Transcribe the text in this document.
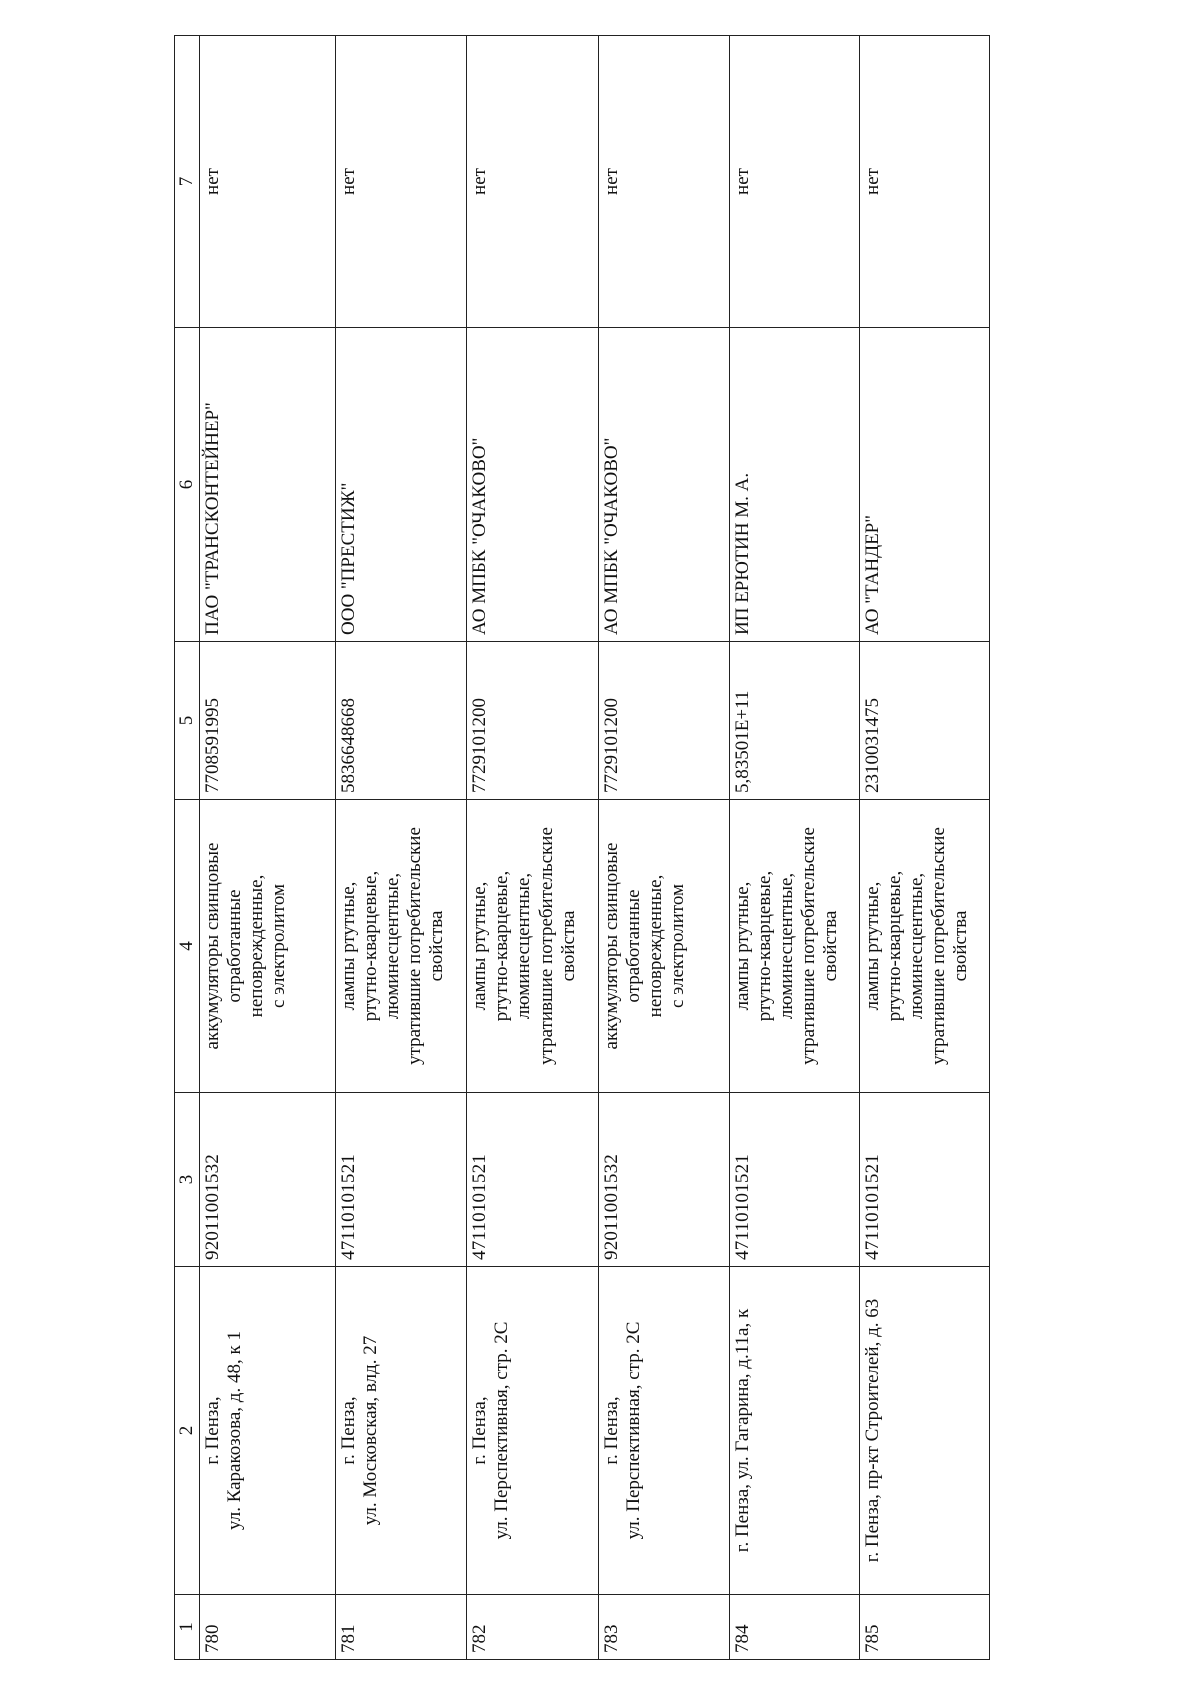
1	2	3	4	5	6	7
780	г. Пенза, ул. Каракозова, д. 48, к 1	92011001532	аккумуляторы свинцовые отработанные неповрежденные, с электролитом	7708591995	ПАО "ТРАНСКОНТЕЙНЕР"	нет
781	г. Пенза, ул. Московская, влд. 27	47110101521	лампы ртутные, ртутно-кварцевые, люминесцентные, утратившие потребительские свойства	5836648668	ООО "ПРЕСТИЖ"	нет
782	г. Пенза, ул. Перспективная, стр. 2С	47110101521	лампы ртутные, ртутно-кварцевые, люминесцентные, утратившие потребительские свойства	7729101200	АО МПБК "ОЧАКОВО"	нет
783	г. Пенза, ул. Перспективная, стр. 2С	92011001532	аккумуляторы свинцовые отработанные неповрежденные, с электролитом	7729101200	АО МПБК "ОЧАКОВО"	нет
784	г. Пенза, ул. Гагарина, д.11а, к	47110101521	лампы ртутные, ртутно-кварцевые, люминесцентные, утратившие потребительские свойства	5,83501E+11	ИП ЕРЮТИН М. А.	нет
785	г. Пенза, пр-кт Строителей, д. 63	47110101521	лампы ртутные, ртутно-кварцевые, люминесцентные, утратившие потребительские свойства	2310031475	АО "ТАНДЕР"	нет
